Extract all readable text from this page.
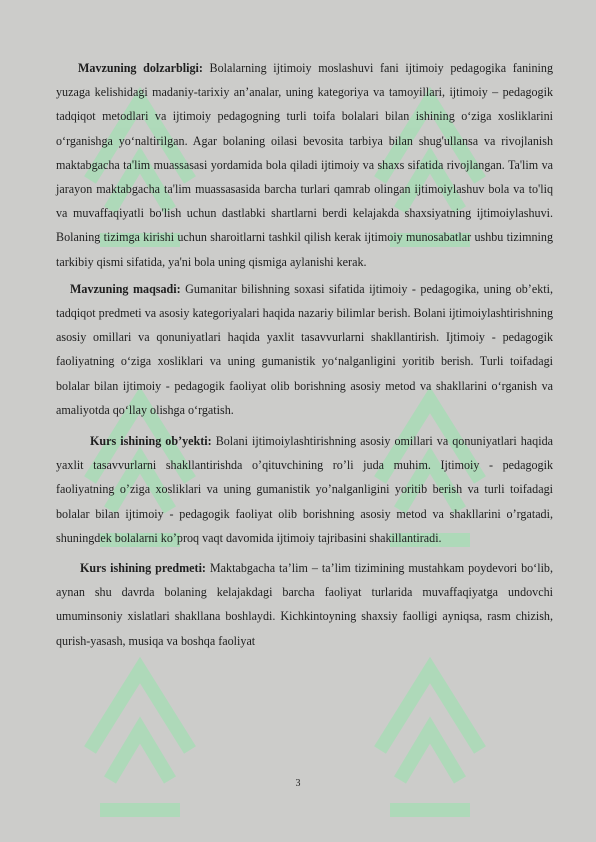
Mavzuning dolzarbligi: Bolalarning ijtimoiy moslashuvi fani ijtimoiy pedagogika fanining yuzaga kelishidagi madaniy-tarixiy an’analar, uning kategoriya va tamoyillari, ijtimoiy – pedagogik tadqiqot metodlari va ijtimoiy pedagogning turli toifa bolalari bilan ishining o‘ziga xosliklarini o‘rganishga yo‘naltirilgan. Agar bolaning oilasi bevosita tarbiya bilan shug'ullansa va rivojlanish maktabgacha ta'lim muassasasi yordamida bola qiladi ijtimoiy va shaxs sifatida rivojlangan. Ta'lim va jarayon maktabgacha ta'lim muassasasida barcha turlari qamrab olingan ijtimoiylashuv bola va to'liq va muvaffaqiyatli bo'lish uchun dastlabki shartlarni berdi kelajakda shaxsiyatning ijtimoiylashuvi. Bolaning tizimga kirishi uchun sharoitlarni tashkil qilish kerak ijtimoiy munosabatlar ushbu tizimning tarkibiy qismi sifatida, ya'ni bola uning qismiga aylanishi kerak.

Mavzuning maqsadi: Gumanitar bilishning soxasi sifatida ijtimoiy - pedagogika, uning ob’ekti, tadqiqot predmeti va asosiy kategoriyalari haqida nazariy bilimlar berish. Bolani ijtimoiylashtirishning asosiy omillari va qonuniyatlari haqida yaxlit tasavvurlarni shakllantirish. Ijtimoiy - pedagogik faoliyatning o‘ziga xosliklari va uning gumanistik yo‘nalganligini yoritib berish. Turli toifadagi bolalar bilan ijtimoiy - pedagogik faoliyat olib borishning asosiy metod va shakllarini o‘rganish va amaliyotda qo‘llay olishga o‘rgatish.

Kurs ishining ob’yekti: Bolani ijtimoiylashtirishning asosiy omillari va qonuniyatlari haqida yaxlit tasavvurlarni shakllantirishda o’qituvchining ro’li juda muhim. Ijtimoiy - pedagogik faoliyatning o’ziga xosliklari va uning gumanistik yo’nalganligini yoritib berish va turli toifadagi bolalar bilan ijtimoiy - pedagogik faoliyat olib borishning asosiy metod va shakllarini o’rgatadi, shuningdek bolalarni ko’proq vaqt davomida ijtimoiy tajribasini shakillantiradi.

Kurs ishining predmeti: Maktabgacha ta’lim – ta’lim tizimining mustahkam poydevori bo‘lib, aynan shu davrda bolaning kelajakdagi barcha faoliyat turlarida muvaffaqiyatga undovchi umuminsoniy xislatlari shakllana boshlaydi. Kichkintoyning shaxsiy faolligi ayniqsa, rasm chizish, qurish-yasash, musiqa va boshqa faoliyat

3
